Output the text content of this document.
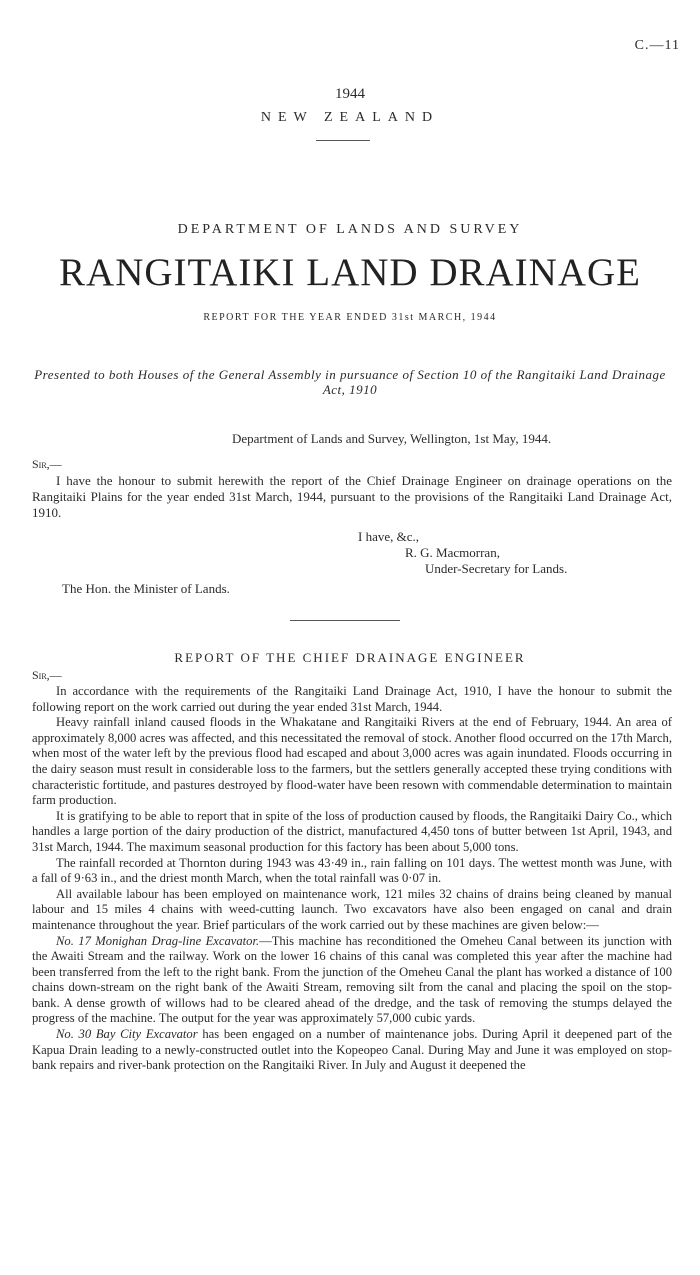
C.—11
1944
NEW ZEALAND
DEPARTMENT OF LANDS AND SURVEY
RANGITAIKI LAND DRAINAGE
REPORT FOR THE YEAR ENDED 31st MARCH, 1944
Presented to both Houses of the General Assembly in pursuance of Section 10 of the Rangitaiki Land Drainage Act, 1910
Department of Lands and Survey, Wellington, 1st May, 1944.
Sir,—

I have the honour to submit herewith the report of the Chief Drainage Engineer on drainage operations on the Rangitaiki Plains for the year ended 31st March, 1944, pursuant to the provisions of the Rangitaiki Land Drainage Act, 1910.

I have, &c.,
R. G. Macmorran,
Under-Secretary for Lands.
The Hon. the Minister of Lands.
REPORT OF THE CHIEF DRAINAGE ENGINEER
Sir,—

In accordance with the requirements of the Rangitaiki Land Drainage Act, 1910, I have the honour to submit the following report on the work carried out during the year ended 31st March, 1944.

Heavy rainfall inland caused floods in the Whakatane and Rangitaiki Rivers at the end of February, 1944. An area of approximately 8,000 acres was affected, and this necessitated the removal of stock. Another flood occurred on the 17th March, when most of the water left by the previous flood had escaped and about 3,000 acres was again inundated. Floods occurring in the dairy season must result in considerable loss to the farmers, but the settlers generally accepted these trying conditions with characteristic fortitude, and pastures destroyed by flood-water have been resown with commendable determination to maintain farm production.

It is gratifying to be able to report that in spite of the loss of production caused by floods, the Rangitaiki Dairy Co., which handles a large portion of the dairy production of the district, manufactured 4,450 tons of butter between 1st April, 1943, and 31st March, 1944. The maximum seasonal production for this factory has been about 5,000 tons.

The rainfall recorded at Thornton during 1943 was 43·49 in., rain falling on 101 days. The wettest month was June, with a fall of 9·63 in., and the driest month March, when the total rainfall was 0·07 in.

All available labour has been employed on maintenance work, 121 miles 32 chains of drains being cleaned by manual labour and 15 miles 4 chains with weed-cutting launch. Two excavators have also been engaged on canal and drain maintenance throughout the year. Brief particulars of the work carried out by these machines are given below:—

No. 17 Monighan Drag-line Excavator.—This machine has reconditioned the Omeheu Canal between its junction with the Awaiti Stream and the railway. Work on the lower 16 chains of this canal was completed this year after the machine had been transferred from the left to the right bank. From the junction of the Omeheu Canal the plant has worked a distance of 100 chains down-stream on the right bank of the Awaiti Stream, removing silt from the canal and placing the spoil on the stop-bank. A dense growth of willows had to be cleared ahead of the dredge, and the task of removing the stumps delayed the progress of the machine. The output for the year was approximately 57,000 cubic yards.

No. 30 Bay City Excavator has been engaged on a number of maintenance jobs. During April it deepened part of the Kapua Drain leading to a newly-constructed outlet into the Kopeopeo Canal. During May and June it was employed on stop-bank repairs and river-bank protection on the Rangitaiki River. In July and August it deepened the
